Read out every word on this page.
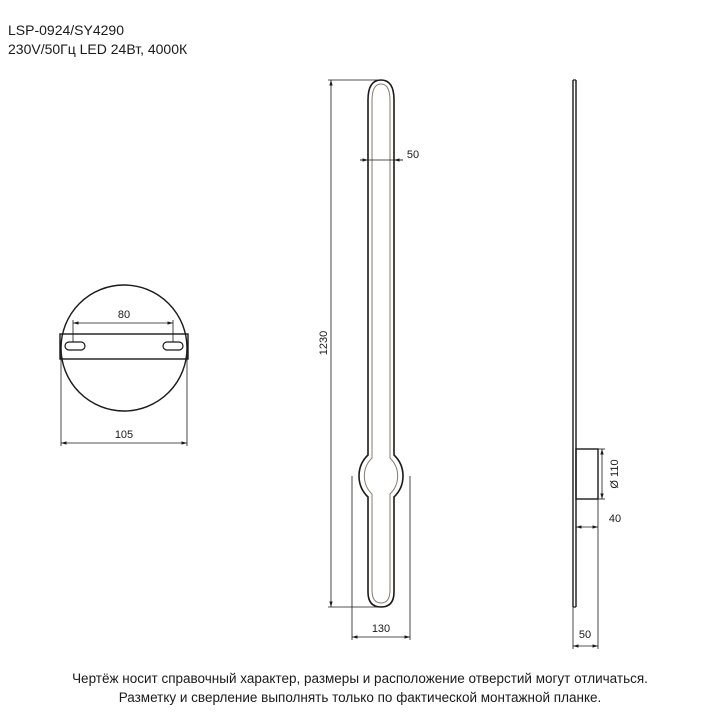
LSP-0924/SY4290
230V/50Гц LED 24Вт, 4000К
80
105
1230
50
130
Ø 110
40
50
Чертёж носит справочный характер, размеры и расположение отверстий могут отличаться.
Разметку и сверление выполнять только по фактической монтажной планке.
